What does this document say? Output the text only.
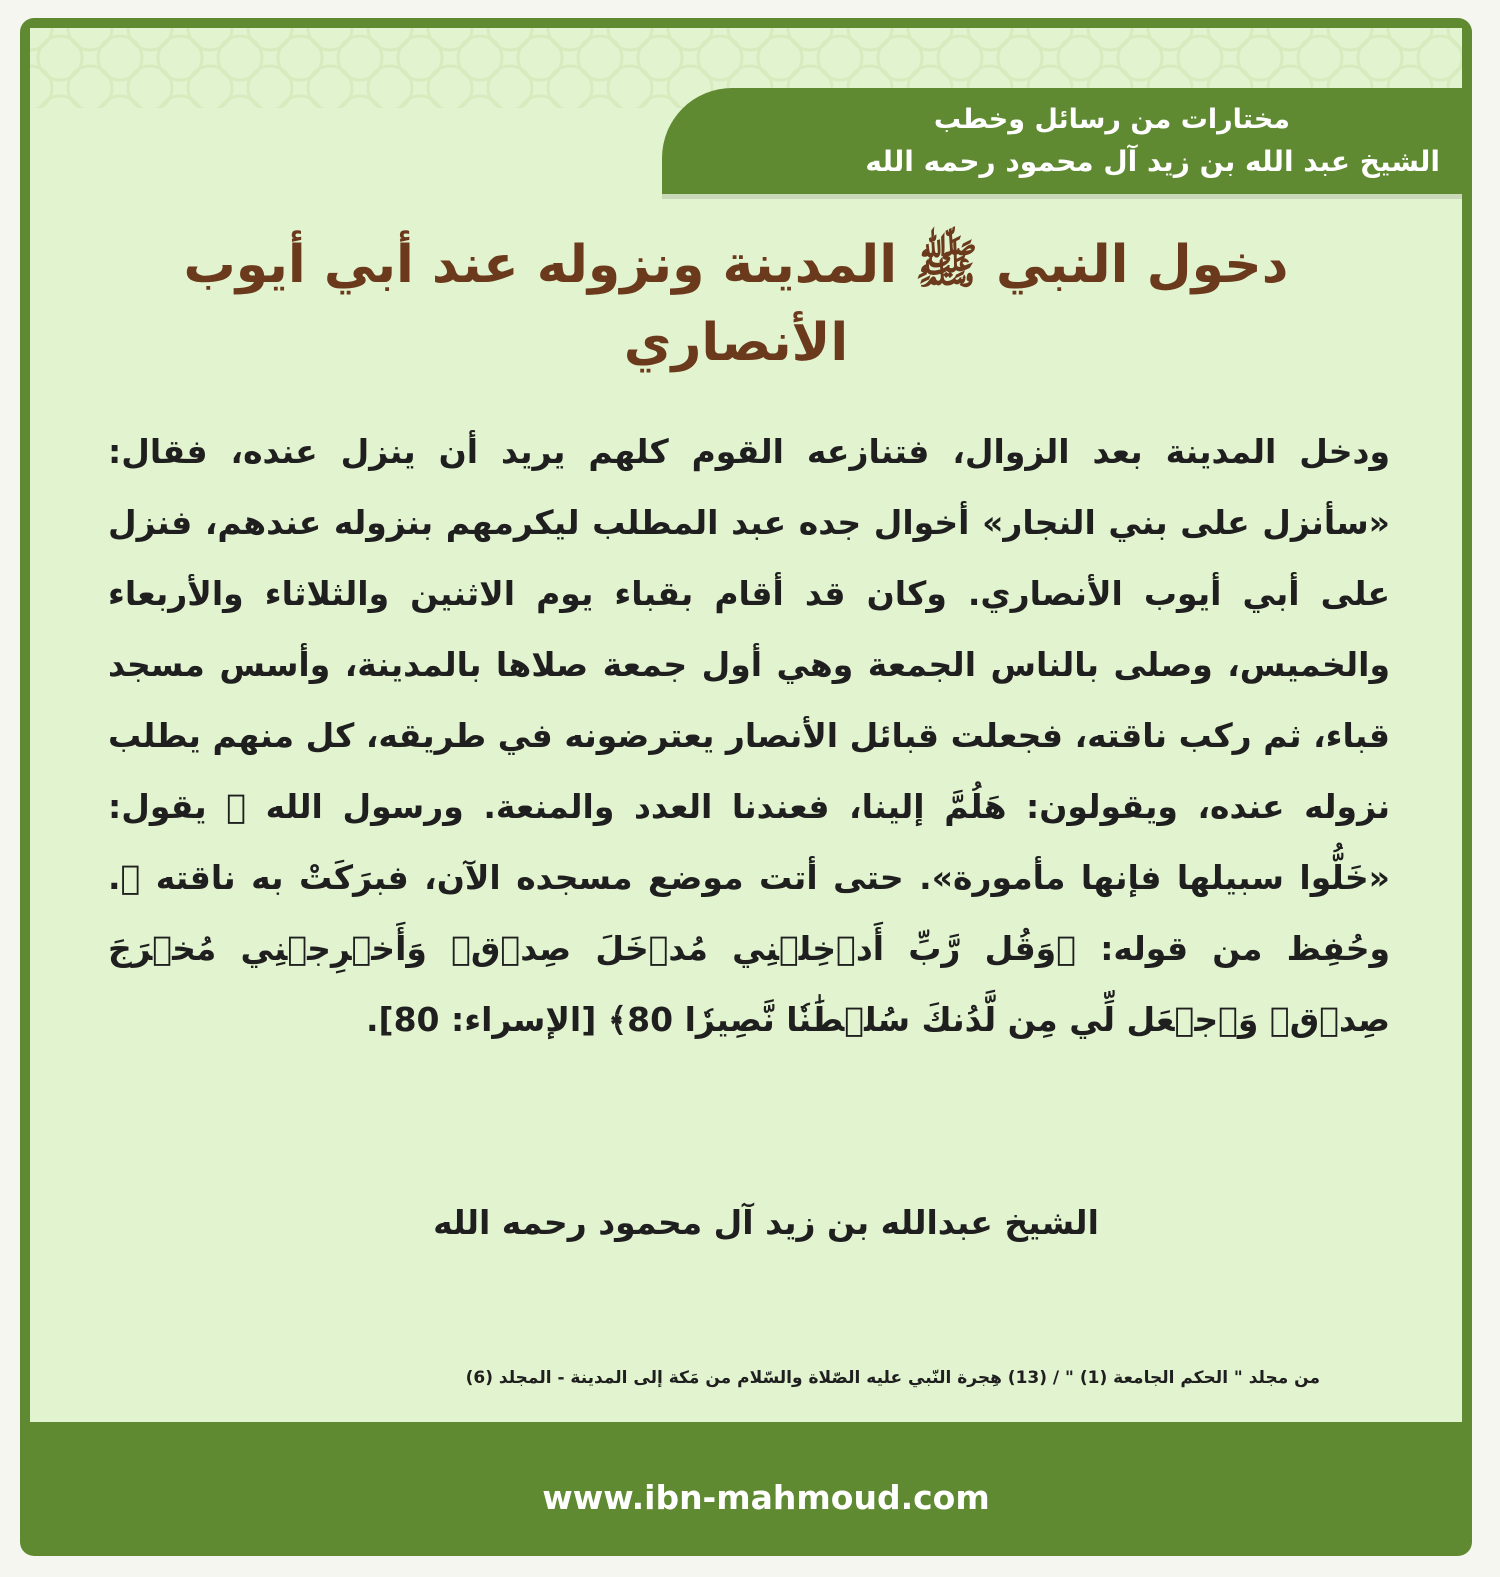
مختارات من رسائل وخطب
الشيخ عبد الله بن زيد آل محمود رحمه الله
دخول النبي ﷺ المدينة ونزوله عند أبي أيوب الأنصاري
ودخل المدينة بعد الزوال، فتنازعه القوم كلهم يريد أن ينزل عنده، فقال: «سأنزل على بني النجار» أخوال جده عبد المطلب ليكرمهم بنزوله عندهم، فنزل على أبي أيوب الأنصاري. وكان قد أقام بقباء يوم الاثنين والثلاثاء والأربعاء والخميس، وصلى بالناس الجمعة وهي أول جمعة صلاها بالمدينة، وأسس مسجد قباء، ثم ركب ناقته، فجعلت قبائل الأنصار يعترضونه في طريقه، كل منهم يطلب نزوله عنده، ويقولون: هَلُمَّ إلينا، فعندنا العدد والمنعة. ورسول الله ﷺ يقول: «خَلُّوا سبيلها فإنها مأمورة». حتى أتت موضع مسجده الآن، فبرَكَتْ به ناقته ﷺ. وحُفِظ من قوله: ﴿وَقُل رَّبِّ أَدۡخِلۡنِي مُدۡخَلَ صِدۡقٖ وَأَخۡرِجۡنِي مُخۡرَجَ صِدۡقٖ وَٱجۡعَل لِّي مِن لَّدُنكَ سُلۡطَٰنٗا نَّصِيرٗا 80﴾ [الإسراء: 80].
الشيخ عبدالله بن زيد آل محمود رحمه الله
من مجلد " الحكم الجامعة (1) " / (13) هِجرة النّبي عليه الصّلاة والسّلام من مَكة إلى المدينة - المجلد (6)
www.ibn-mahmoud.com
